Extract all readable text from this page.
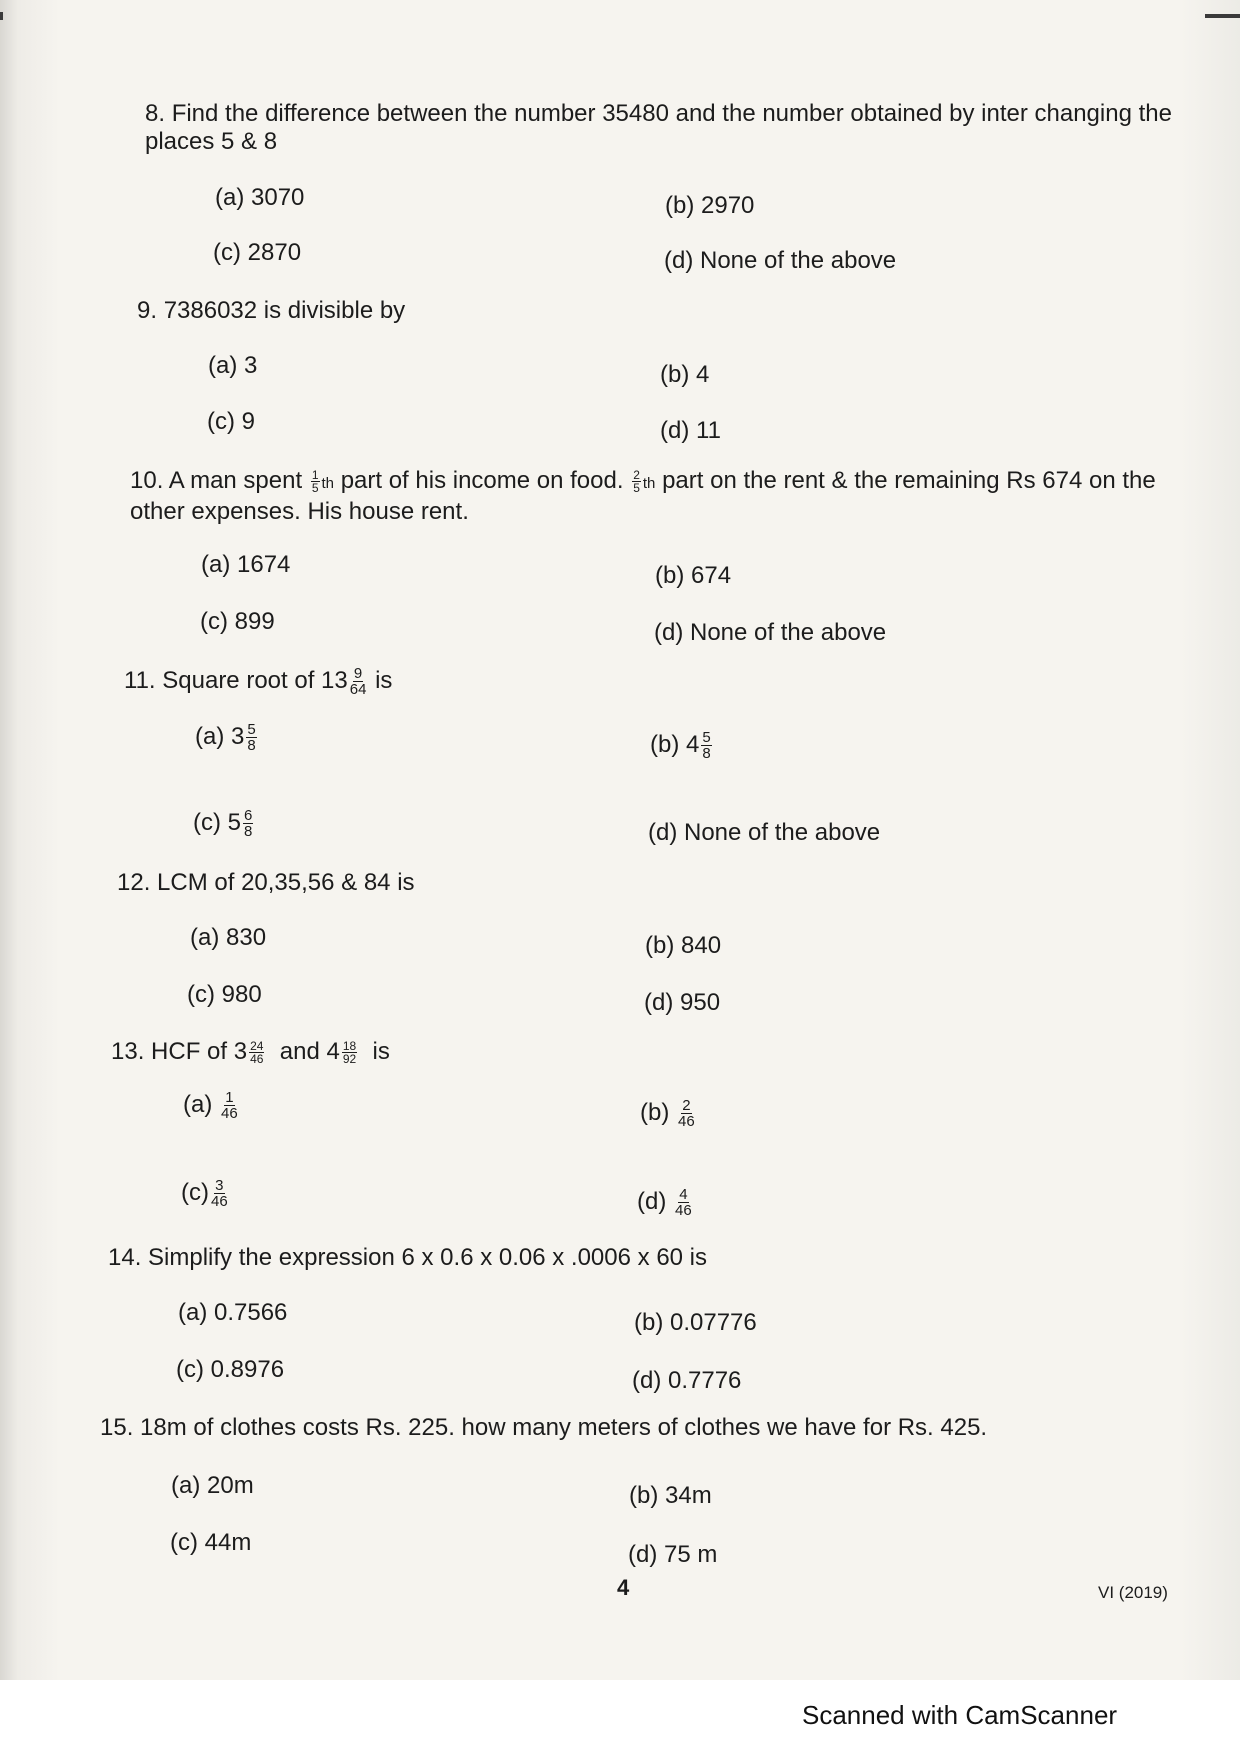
8. Find the difference between the number 35480 and the number obtained by inter changing the places 5 & 8
(a) 3070	(b) 2970
(c) 2870	(d) None of the above
9. 7386032 is divisible by
(a) 3	(b) 4
(c) 9	(d) 11
10. A man spent $\frac{1}{5}$ th part of his income on food. $\frac{2}{5}$ th part on the rent & the remaining Rs 674 on the other expenses. His house rent.
(a) 1674	(b) 674
(c) 899	(d) None of the above
11. Square root of $13 \frac{9}{64}$ is
(a) $3 \frac{5}{8}$	(b) $4 \frac{5}{8}$
(c) $5 \frac{6}{8}$	(d) None of the above
12. LCM of 20,35,56 & 84 is
(a) 830	(b) 840
(c) 980	(d) 950
13. HCF of $3 \frac{24}{46}$ and $4 \frac{18}{92}$ is
$(a) \frac{1}{46}$	$(b) \frac{2}{46}$
$(c) \frac{3}{46}$	$(d) \frac{4}{46}$
14. Simplify the expression 6 x 0.6 x 0.06 x .0006 x 60 is
(a) 0.7566	(b) 0.07776
(c) 0.8976	(d) 0.7776
15. 18m of clothes costs Rs. 225. how many meters of clothes we have for Rs. 425.
(a) 20m	(b) 34m
(c) 44m	(d) 75 m
4	VI (2019)
Scanned with CamScanner
